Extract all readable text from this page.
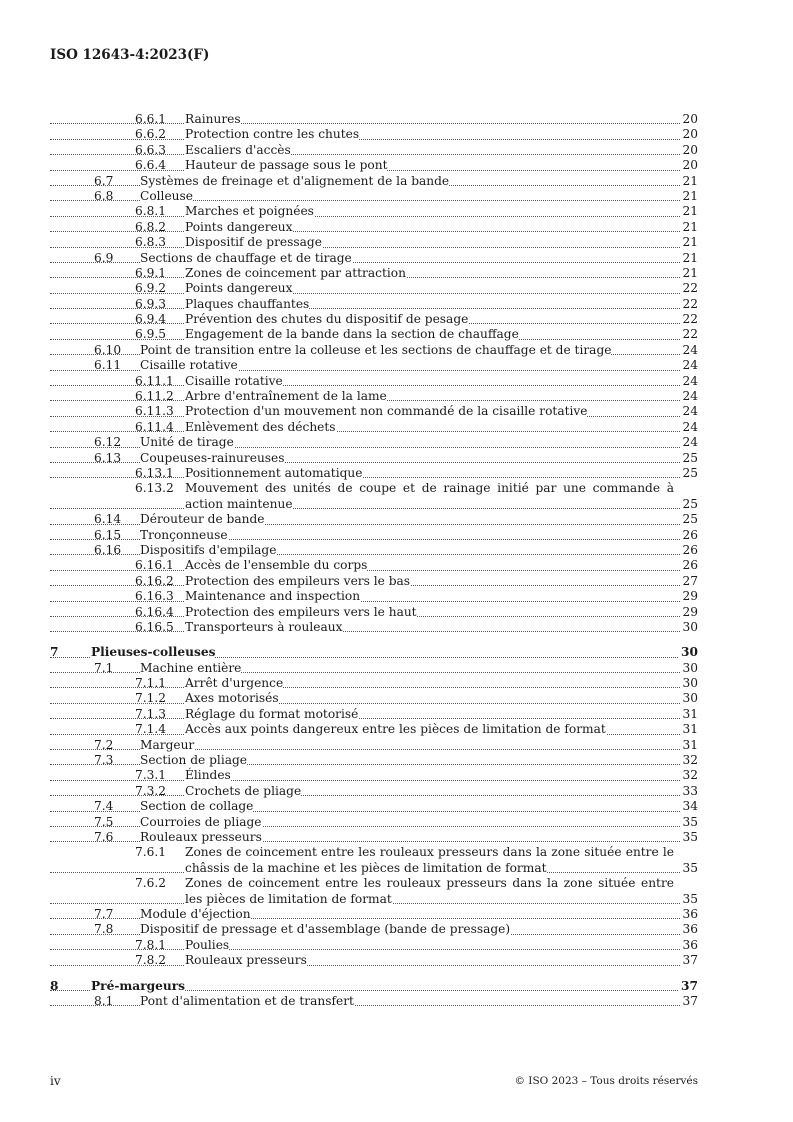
ISO 12643-4:2023(F)
6.6.1 Rainures	20
6.6.2 Protection contre les chutes	20
6.6.3 Escaliers d'accès	20
6.6.4 Hauteur de passage sous le pont	20
6.7 Systèmes de freinage et d'alignement de la bande	21
6.8 Colleuse	21
6.8.1 Marches et poignées	21
6.8.2 Points dangereux	21
6.8.3 Dispositif de pressage	21
6.9 Sections de chauffage et de tirage	21
6.9.1 Zones de coincement par attraction	21
6.9.2 Points dangereux	22
6.9.3 Plaques chauffantes	22
6.9.4 Prévention des chutes du dispositif de pesage	22
6.9.5 Engagement de la bande dans la section de chauffage	22
6.10 Point de transition entre la colleuse et les sections de chauffage et de tirage	24
6.11 Cisaille rotative	24
6.11.1 Cisaille rotative	24
6.11.2 Arbre d'entraînement de la lame	24
6.11.3 Protection d'un mouvement non commandé de la cisaille rotative	24
6.11.4 Enlèvement des déchets	24
6.12 Unité de tirage	24
6.13 Coupeuses-rainureuses	25
6.13.1 Positionnement automatique	25
6.13.2 Mouvement des unités de coupe et de rainage initié par une commande à action maintenue	25
6.14 Dérouteur de bande	25
6.15 Tronçonneuse	26
6.16 Dispositifs d'empilage	26
6.16.1 Accès de l'ensemble du corps	26
6.16.2 Protection des empileurs vers le bas	27
6.16.3 Maintenance and inspection	29
6.16.4 Protection des empileurs vers le haut	29
6.16.5 Transporteurs à rouleaux	30
7	Plieuses-colleuses	30
7.1 Machine entière	30
7.1.1 Arrêt d'urgence	30
7.1.2 Axes motorisés	30
7.1.3 Réglage du format motorisé	31
7.1.4 Accès aux points dangereux entre les pièces de limitation de format	31
7.2 Margeur	31
7.3 Section de pliage	32
7.3.1 Élindes	32
7.3.2 Crochets de pliage	33
7.4 Section de collage	34
7.5 Courroies de pliage	35
7.6 Rouleaux presseurs	35
7.6.1 Zones de coincement entre les rouleaux presseurs dans la zone située entre le châssis de la machine et les pièces de limitation de format	35
7.6.2 Zones de coincement entre les rouleaux presseurs dans la zone située entre les pièces de limitation de format	35
7.7 Module d'éjection	36
7.8 Dispositif de pressage et d'assemblage (bande de pressage)	36
7.8.1 Poulies	36
7.8.2 Rouleaux presseurs	37
8	Pré-margeurs	37
8.1 Pont d'alimentation et de transfert	37
iv	© ISO 2023 – Tous droits réservés
